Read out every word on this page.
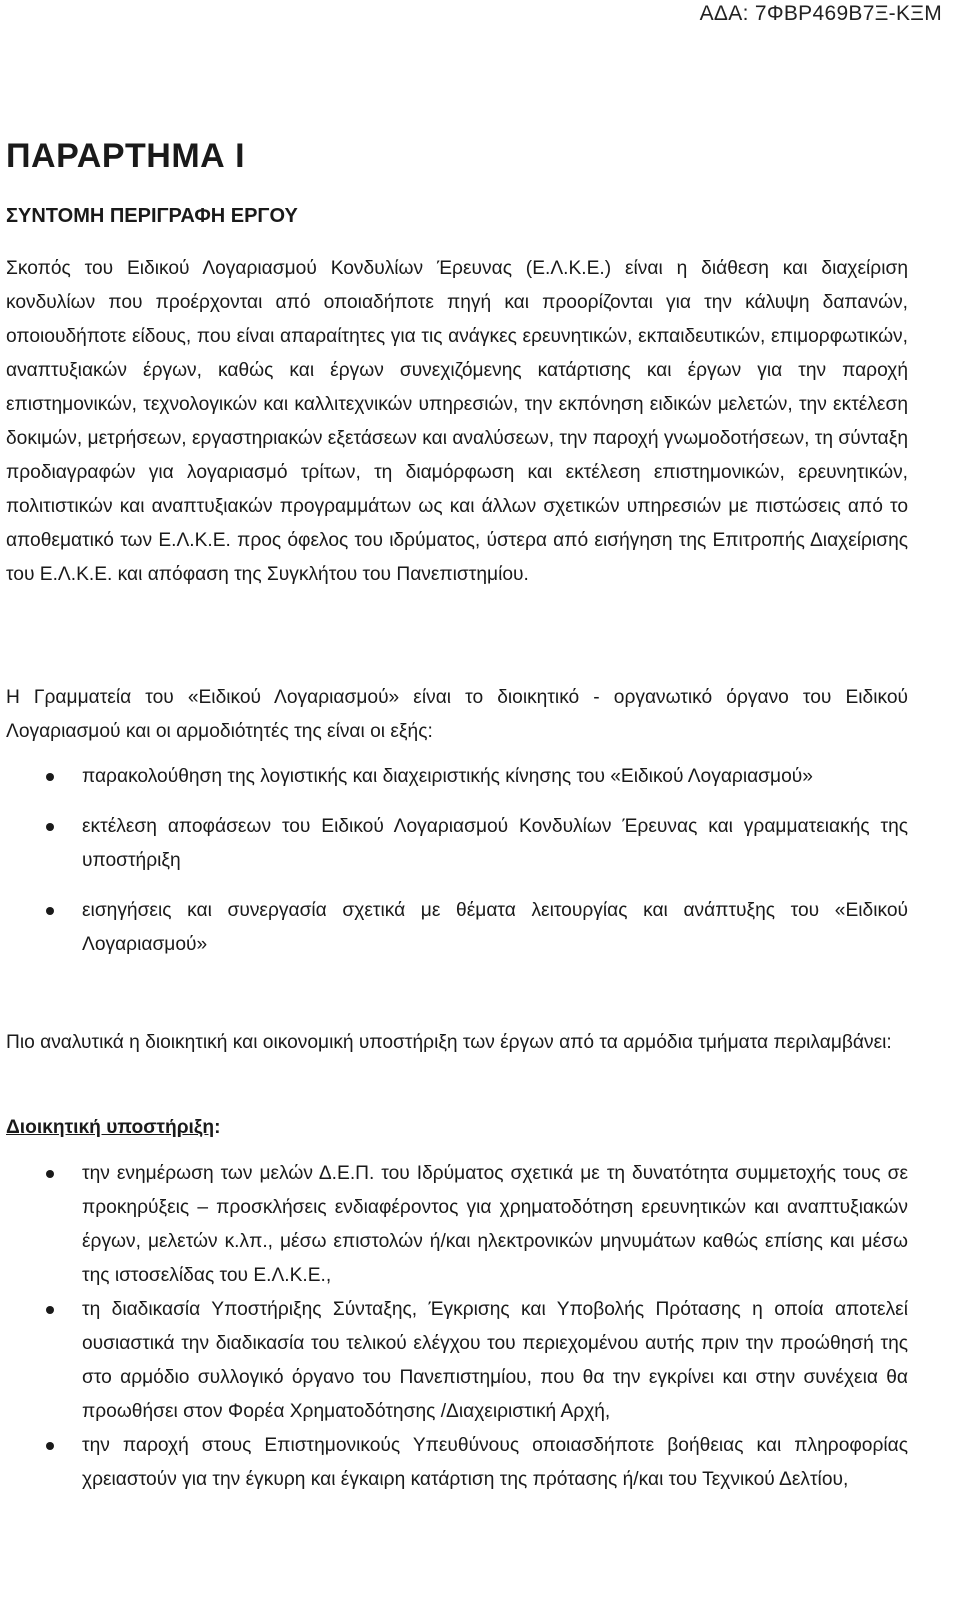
ΑΔΑ: 7ΦΒΡ469Β7Ξ-ΚΞΜ
ΠΑΡΑΡΤΗΜΑ Ι
ΣΥΝΤΟΜΗ ΠΕΡΙΓΡΑΦΗ ΕΡΓΟΥ

Σκοπός του Ειδικού Λογαριασμού Κονδυλίων Έρευνας (Ε.Λ.Κ.Ε.) είναι η διάθεση και διαχείριση κονδυλίων που προέρχονται από οποιαδήποτε πηγή και προορίζονται για την κάλυψη δαπανών, οποιουδήποτε είδους, που είναι απαραίτητες για τις ανάγκες ερευνητικών, εκπαιδευτικών, επιμορφωτικών, αναπτυξιακών έργων, καθώς και έργων συνεχιζόμενης κατάρτισης και έργων για την παροχή επιστημονικών, τεχνολογικών και καλλιτεχνικών υπηρεσιών, την εκπόνηση ειδικών μελετών, την εκτέλεση δοκιμών, μετρήσεων, εργαστηριακών εξετάσεων και αναλύσεων, την παροχή γνωμοδοτήσεων, τη σύνταξη προδιαγραφών για λογαριασμό τρίτων, τη διαμόρφωση και εκτέλεση επιστημονικών, ερευνητικών, πολιτιστικών και αναπτυξιακών προγραμμάτων ως και άλλων σχετικών υπηρεσιών με πιστώσεις από το αποθεματικό των Ε.Λ.Κ.Ε. προς όφελος του ιδρύματος, ύστερα από εισήγηση της Επιτροπής Διαχείρισης του Ε.Λ.Κ.Ε. και απόφαση της Συγκλήτου του Πανεπιστημίου.

Η Γραμματεία του «Ειδικού Λογαριασμού» είναι το διοικητικό - οργανωτικό όργανο του Ειδικού Λογαριασμού και οι αρμοδιότητές της είναι οι εξής:

παρακολούθηση της λογιστικής και διαχειριστικής κίνησης του «Ειδικού Λογαριασμού»
εκτέλεση αποφάσεων του Ειδικού Λογαριασμού Κονδυλίων Έρευνας και γραμματειακής της υποστήριξη
εισηγήσεις και συνεργασία σχετικά με θέματα λειτουργίας και ανάπτυξης του «Ειδικού Λογαριασμού»

Πιο αναλυτικά η διοικητική και οικονομική υποστήριξη των έργων από τα αρμόδια τμήματα περιλαμβάνει:

Διοικητική υποστήριξη:

την ενημέρωση των μελών Δ.Ε.Π. του Ιδρύματος σχετικά με τη δυνατότητα συμμετοχής τους σε προκηρύξεις – προσκλήσεις ενδιαφέροντος για χρηματοδότηση ερευνητικών και αναπτυξιακών έργων, μελετών κ.λπ., μέσω επιστολών ή/και ηλεκτρονικών μηνυμάτων καθώς επίσης και μέσω της ιστοσελίδας του Ε.Λ.Κ.Ε.,
τη διαδικασία Υποστήριξης Σύνταξης, Έγκρισης και Υποβολής Πρότασης η οποία αποτελεί ουσιαστικά την διαδικασία του τελικού ελέγχου του περιεχομένου αυτής πριν την προώθησή της στο αρμόδιο συλλογικό όργανο του Πανεπιστημίου, που θα την εγκρίνει και στην συνέχεια θα προωθήσει στον Φορέα Χρηματοδότησης /Διαχειριστική Αρχή,
την παροχή στους Επιστημονικούς Υπευθύνους οποιασδήποτε βοήθειας και πληροφορίας χρειαστούν για την έγκυρη και έγκαιρη κατάρτιση της πρότασης ή/και του Τεχνικού Δελτίου,
